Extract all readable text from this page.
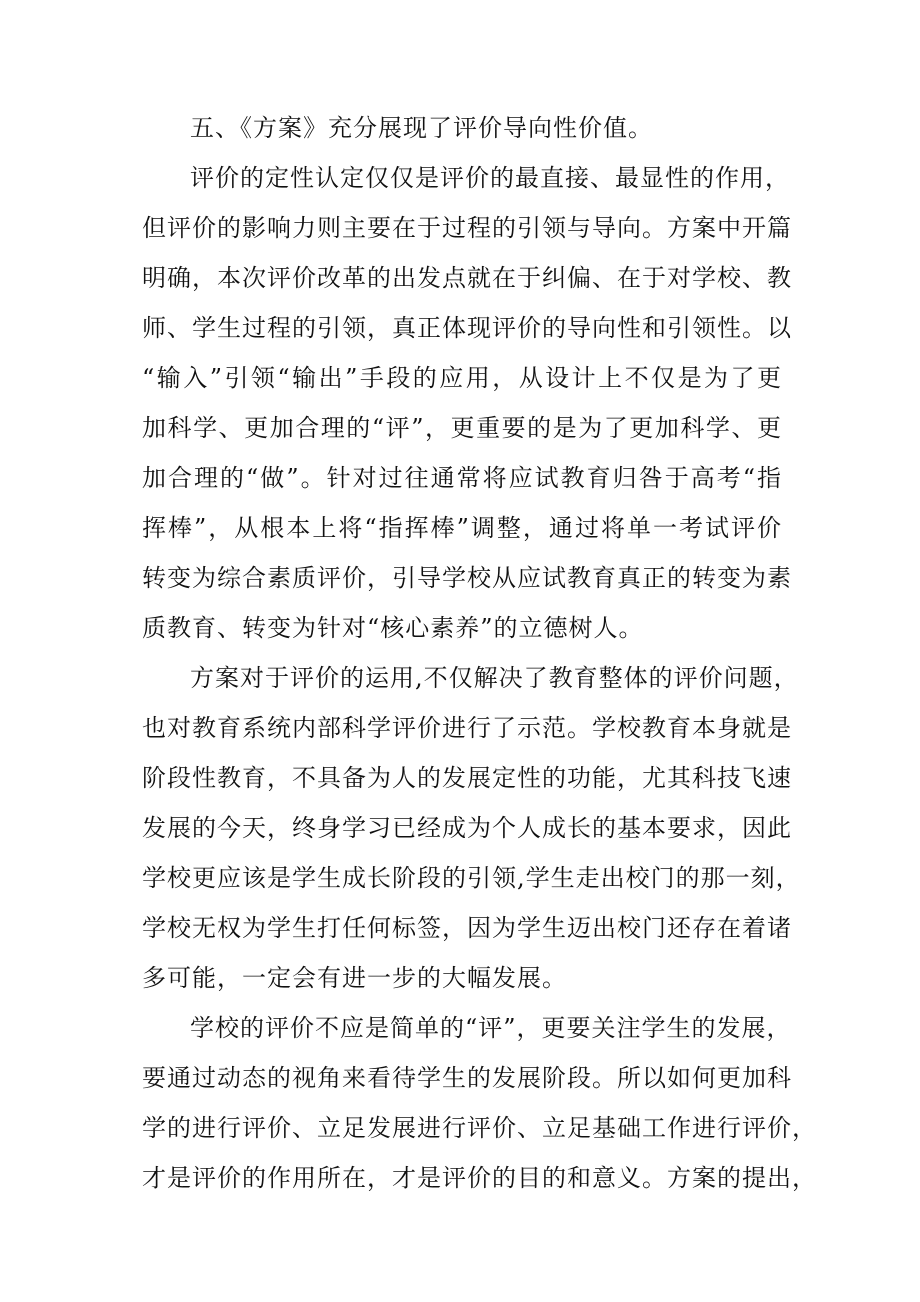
五、《方案》充分展现了评价导向性价值。

评价的定性认定仅仅是评价的最直接、最显性的作用，
但评价的影响力则主要在于过程的引领与导向。方案中开篇
明确，本次评价改革的出发点就在于纠偏、在于对学校、教
师、学生过程的引领，真正体现评价的导向性和引领性。以
“输入”引领“输出”手段的应用，从设计上不仅是为了更
加科学、更加合理的“评”，更重要的是为了更加科学、更
加合理的“做”。针对过往通常将应试教育归咎于高考“指
挥棒”，从根本上将“指挥棒”调整，通过将单一考试评价
转变为综合素质评价，引导学校从应试教育真正的转变为素
质教育、转变为针对“核心素养”的立德树人。

方案对于评价的运用,不仅解决了教育整体的评价问题，
也对教育系统内部科学评价进行了示范。学校教育本身就是
阶段性教育，不具备为人的发展定性的功能，尤其科技飞速
发展的今天，终身学习已经成为个人成长的基本要求，因此
学校更应该是学生成长阶段的引领,学生走出校门的那一刻，
学校无权为学生打任何标签，因为学生迈出校门还存在着诸
多可能，一定会有进一步的大幅发展。

学校的评价不应是简单的“评”，更要关注学生的发展，
要通过动态的视角来看待学生的发展阶段。所以如何更加科
学的进行评价、立足发展进行评价、立足基础工作进行评价，
才是评价的作用所在，才是评价的目的和意义。方案的提出，
